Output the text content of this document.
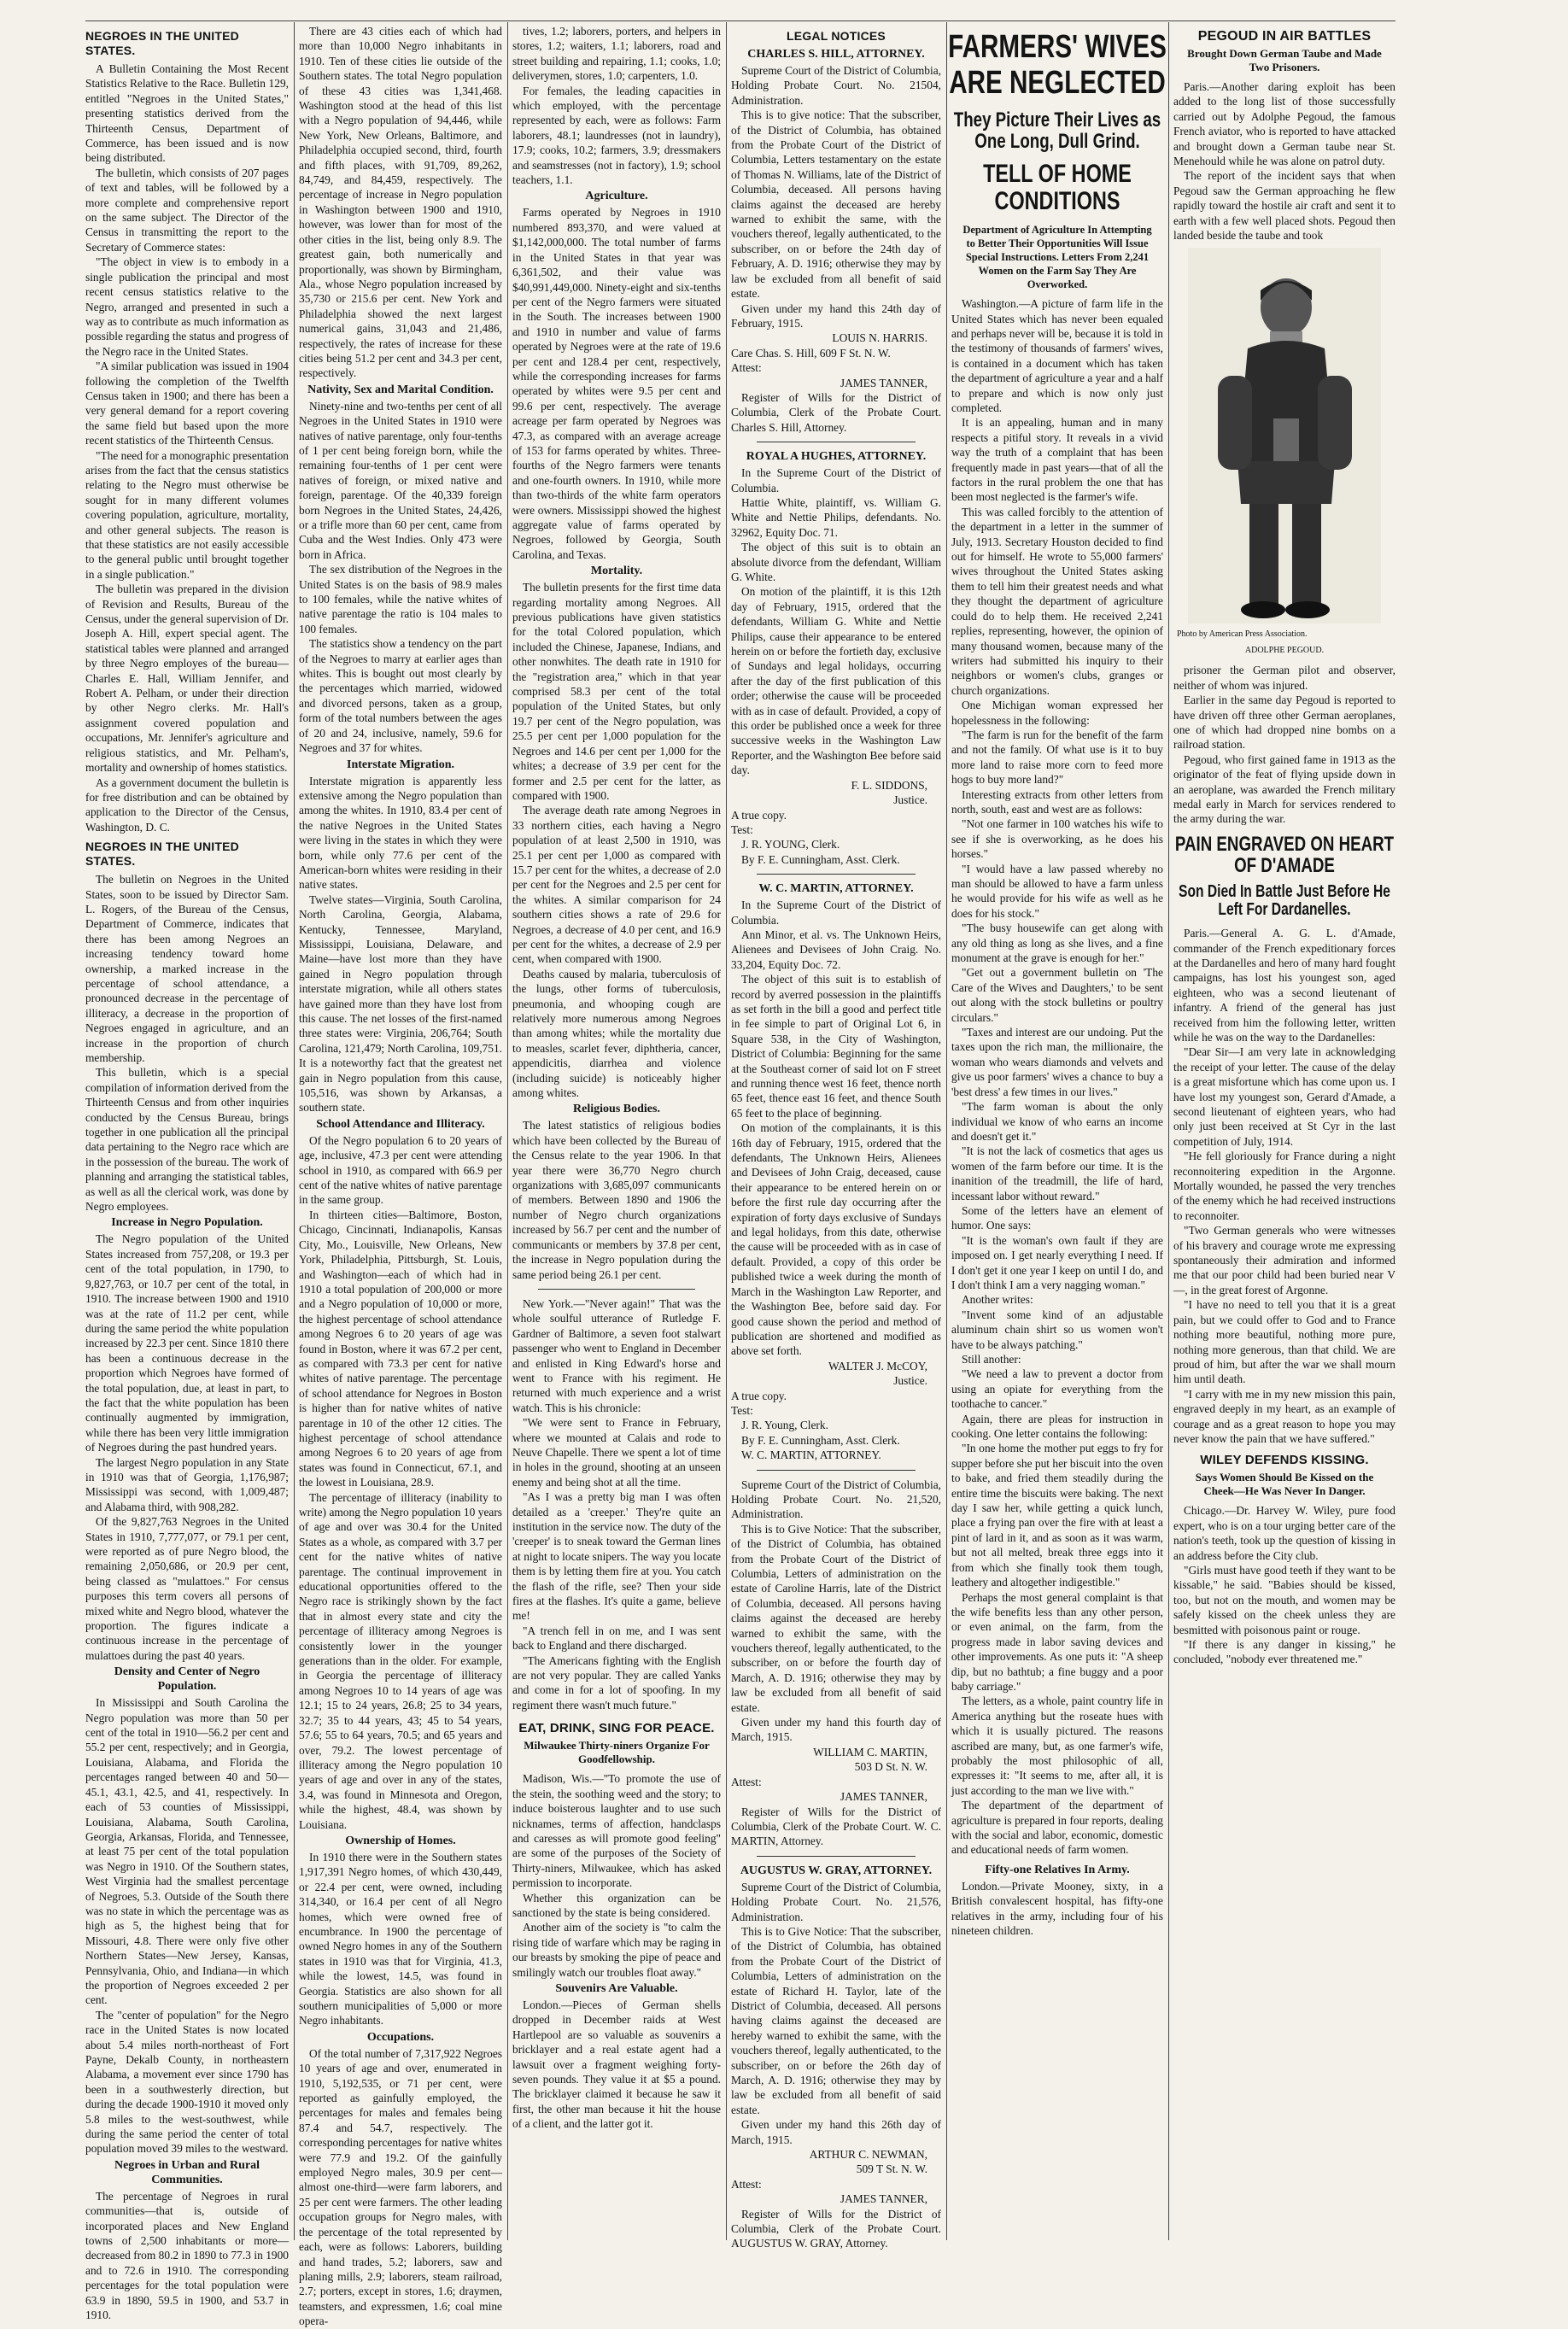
NEGROES IN THE UNITED STATES.

A Bulletin Containing the Most Recent Statistics Relative to the Race. Bulletin 129, entitled "Negroes in the United States," presenting statistics derived from the Thirteenth Census, Department of Commerce, has been issued and is now being distributed.

The bulletin, which consists of 207 pages of text and tables, will be followed by a more complete and comprehensive report on the same subject. The Director of the Census in transmitting the report to the Secretary of Commerce states:

"The object in view is to embody in a single publication the principal and most recent census statistics relative to the Negro, arranged and presented in such a way as to contribute as much information as possible regarding the status and progress of the Negro race in the United States.

"A similar publication was issued in 1904 following the completion of the Twelfth Census taken in 1900; and there has been a very general demand for a report covering the same field but based upon the more recent statistics of the Thirteenth Census.

"The need for a monographic presentation arises from the fact that the census statistics relating to the Negro must otherwise be sought for in many different volumes covering population, agriculture, mortality, and other general subjects. The reason is that these statistics are not easily accessible to the general public until brought together in a single publication."

The bulletin was prepared in the division of Revision and Results, Bureau of the Census, under the general supervision of Dr. Joseph A. Hill, expert special agent. The statistical tables were planned and arranged by three Negro employes of the bureau—Charles E. Hall, William Jennifer, and Robert A. Pelham, or under their direction by other Negro clerks. Mr. Hall's assignment covered population and occupations, Mr. Jennifer's agriculture and religious statistics, and Mr. Pelham's, mortality and ownership of homes statistics.

As a government document the bulletin is for free distribution and can be obtained by application to the Director of the Census, Washington, D. C.

NEGROES IN THE UNITED STATES.

The bulletin on Negroes in the United States, soon to be issued by Director Sam. L. Rogers, of the Bureau of the Census, Department of Commerce, indicates that there has been among Negroes an increasing tendency toward home ownership, a marked increase in the percentage of school attendance, a pronounced decrease in the percentage of illiteracy, a decrease in the proportion of Negroes engaged in agriculture, and an increase in the proportion of church membership.

This bulletin, which is a special compilation of information derived from the Thirteenth Census and from other inquiries conducted by the Census Bureau, brings together in one publication all the principal data pertaining to the Negro race which are in the possession of the bureau. The work of planning and arranging the statistical tables, as well as all the clerical work, was done by Negro employees.

Increase in Negro Population.

The Negro population of the United States increased from 757,208, or 19.3 per cent of the total population, in 1790, to 9,827,763, or 10.7 per cent of the total, in 1910. The increase between 1900 and 1910 was at the rate of 11.2 per cent, while during the same period the white population increased by 22.3 per cent. Since 1810 there has been a continuous decrease in the proportion which Negroes have formed of the total population, due, at least in part, to the fact that the white population has been continually augmented by immigration, while there has been very little immigration of Negroes during the past hundred years.

The largest Negro population in any State in 1910 was that of Georgia, 1,176,987; Mississippi was second, with 1,009,487; and Alabama third, with 908,282.

Of the 9,827,763 Negroes in the United States in 1910, 7,777,077, or 79.1 per cent, were reported as of pure Negro blood, the remaining 2,050,686, or 20.9 per cent, being classed as "mulattoes." For census purposes this term covers all persons of mixed white and Negro blood, whatever the proportion. The figures indicate a continuous increase in the percentage of mulattoes during the past 40 years.

Density and Center of Negro Population.

In Mississippi and South Carolina the Negro population was more than 50 per cent of the total in 1910—56.2 per cent and 55.2 per cent, respectively; and in Georgia, Louisiana, Alabama, and Florida the percentages ranged between 40 and 50—45.1, 43.1, 42.5, and 41, respectively. In each of 53 counties of Mississippi, Louisiana, Alabama, South Carolina, Georgia, Arkansas, Florida, and Tennessee, at least 75 per cent of the total population was Negro in 1910. Of the Southern states, West Virginia had the smallest percentage of Negroes, 5.3. Outside of the South there was no state in which the percentage was as high as 5, the highest being that for Missouri, 4.8. There were only five other Northern States—New Jersey, Kansas, Pennsylvania, Ohio, and Indiana—in which the proportion of Negroes exceeded 2 per cent.

The "center of population" for the Negro race in the United States is now located about 5.4 miles north-northeast of Fort Payne, Dekalb County, in northeastern Alabama, a movement ever since 1790 has been in a southwesterly direction, but during the decade 1900-1910 it moved only 5.8 miles to the west-southwest, while during the same period the center of total population moved 39 miles to the westward.

Negroes in Urban and Rural Communities.

The percentage of Negroes in rural communities—that is, outside of incorporated places and New England towns of 2,500 inhabitants or more—decreased from 80.2 in 1890 to 77.3 in 1900 and to 72.6 in 1910. The corresponding percentages for the total population were 63.9 in 1890, 59.5 in 1900, and 53.7 in 1910.

There are 43 cities each of which had more than 10,000 Negro inhabitants in 1910. Ten of these cities lie outside of the Southern states. The total Negro population of these 43 cities was 1,341,468. Washington stood at the head of this list with a Negro population of 94,446, while New York, New Orleans, Baltimore, and Philadelphia occupied second, third, fourth and fifth places, with 91,709, 89,262, 84,749, and 84,459, respectively. The percentage of increase in Negro population in Washington between 1900 and 1910, however, was lower than for most of the other cities in the list, being only 8.9. The greatest gain, both numerically and proportionally, was shown by Birmingham, Ala., whose Negro population increased by 35,730 or 215.6 per cent. New York and Philadelphia showed the next largest numerical gains, 31,043 and 21,486, respectively, the rates of increase for these cities being 51.2 per cent and 34.3 per cent, respectively.

Nativity, Sex and Marital Condition.

Ninety-nine and two-tenths per cent of all Negroes in the United States in 1910 were natives of native parentage, only four-tenths of 1 per cent being foreign born, while the remaining four-tenths of 1 per cent were natives of foreign, or mixed native and foreign, parentage. Of the 40,339 foreign born Negroes in the United States, 24,426, or a trifle more than 60 per cent, came from Cuba and the West Indies. Only 473 were born in Africa.

The sex distribution of the Negroes in the United States is on the basis of 98.9 males to 100 females, while the native whites of native parentage the ratio is 104 males to 100 females.

The statistics show a tendency on the part of the Negroes to marry at earlier ages than whites. This is bought out most clearly by the percentages which married, widowed and divorced persons, taken as a group, form of the total numbers between the ages of 20 and 24, inclusive, namely, 59.6 for Negroes and 37 for whites.

Interstate Migration.

Interstate migration is apparently less extensive among the Negro population than among the whites. In 1910, 83.4 per cent of the native Negroes in the United States were living in the states in which they were born, while only 77.6 per cent of the American-born whites were residing in their native states.

Twelve states—Virginia, South Carolina, North Carolina, Georgia, Alabama, Kentucky, Tennessee, Maryland, Mississippi, Louisiana, Delaware, and Maine—have lost more than they have gained in Negro population through interstate migration, while all others states have gained more than they have lost from this cause. The net losses of the first-named three states were: Virginia, 206,764; South Carolina, 121,479; North Carolina, 109,751. It is a noteworthy fact that the greatest net gain in Negro population from this cause, 105,516, was shown by Arkansas, a southern state.

School Attendance and Illiteracy.

Of the Negro population 6 to 20 years of age, inclusive, 47.3 per cent were attending school in 1910, as compared with 66.9 per cent of the native whites of native parentage in the same group.

In thirteen cities—Baltimore, Boston, Chicago, Cincinnati, Indianapolis, Kansas City, Mo., Louisville, New Orleans, New York, Philadelphia, Pittsburgh, St. Louis, and Washington—each of which had in 1910 a total population of 200,000 or more and a Negro population of 10,000 or more, the highest percentage of school attendance among Negroes 6 to 20 years of age was found in Boston, where it was 67.2 per cent, as compared with 73.3 per cent for native whites of native parentage. The percentage of school attendance for Negroes in Boston is higher than for native whites of native parentage in 10 of the other 12 cities. The highest percentage of school attendance among Negroes 6 to 20 years of age from states was found in Connecticut, 67.1, and the lowest in Louisiana, 28.9.

The percentage of illiteracy (inability to write) among the Negro population 10 years of age and over was 30.4 for the United States as a whole, as compared with 3.7 per cent for the native whites of native parentage. The continual improvement in educational opportunities offered to the Negro race is strikingly shown by the fact that in almost every state and city the percentage of illiteracy among Negroes is consistently lower in the younger generations than in the older. For example, in Georgia the percentage of illiteracy among Negroes 10 to 14 years of age was 12.1; 15 to 24 years, 26.8; 25 to 34 years, 32.7; 35 to 44 years, 43; 45 to 54 years, 57.6; 55 to 64 years, 70.5; and 65 years and over, 79.2. The lowest percentage of illiteracy among the Negro population 10 years of age and over in any of the states, 3.4, was found in Minnesota and Oregon, while the highest, 48.4, was shown by Louisiana.

Ownership of Homes.

In 1910 there were in the Southern states 1,917,391 Negro homes, of which 430,449, or 22.4 per cent, were owned, including 314,340, or 16.4 per cent of all Negro homes, which were owned free of encumbrance. In 1900 the percentage of owned Negro homes in any of the Southern states in 1910 was that for Virginia, 41.3, while the lowest, 14.5, was found in Georgia. Statistics are also shown for all southern municipalities of 5,000 or more Negro inhabitants.

Occupations.

Of the total number of 7,317,922 Negroes 10 years of age and over, enumerated in 1910, 5,192,535, or 71 per cent, were reported as gainfully employed, the percentages for males and females being 87.4 and 54.7, respectively. The corresponding percentages for native whites were 77.9 and 19.2. Of the gainfully employed Negro males, 30.9 per cent—almost one-third—were farm laborers, and 25 per cent were farmers. The other leading occupation groups for Negro males, with the percentage of the total represented by each, were as follows: Laborers, building and hand trades, 5.2; laborers, saw and planing mills, 2.9; laborers, steam railroad, 2.7; porters, except in stores, 1.6; draymen, teamsters, and expressmen, 1.6; coal mine opera-

tives, 1.2; laborers, porters, and helpers in stores, 1.2; waiters, 1.1; laborers, road and street building and repairing, 1.1; cooks, 1.0; deliverymen, stores, 1.0; carpenters, 1.0.

For females, the leading capacities in which employed, with the percentage represented by each, were as follows: Farm laborers, 48.1; laundresses (not in laundry), 17.9; cooks, 10.2; farmers, 3.9; dressmakers and seamstresses (not in factory), 1.9; school teachers, 1.1.

Agriculture.

Farms operated by Negroes in 1910 numbered 893,370, and were valued at $1,142,000,000. The total number of farms in the United States in that year was 6,361,502, and their value was $40,991,449,000. Ninety-eight and six-tenths per cent of the Negro farmers were situated in the South. The increases between 1900 and 1910 in number and value of farms operated by Negroes were at the rate of 19.6 per cent and 128.4 per cent, respectively, while the corresponding increases for farms operated by whites were 9.5 per cent and 99.6 per cent, respectively. The average acreage per farm operated by Negroes was 47.3, as compared with an average acreage of 153 for farms operated by whites. Three-fourths of the Negro farmers were tenants and one-fourth owners. In 1910, while more than two-thirds of the white farm operators were owners. Mississippi showed the highest aggregate value of farms operated by Negroes, followed by Georgia, South Carolina, and Texas.

Mortality.

The bulletin presents for the first time data regarding mortality among Negroes. All previous publications have given statistics for the total Colored population, which included the Chinese, Japanese, Indians, and other nonwhites. The death rate in 1910 for the "registration area," which in that year comprised 58.3 per cent of the total population of the United States, but only 19.7 per cent of the Negro population, was 25.5 per cent per 1,000 population for the Negroes and 14.6 per cent per 1,000 for the whites; a decrease of 3.9 per cent for the former and 2.5 per cent for the latter, as compared with 1900.

The average death rate among Negroes in 33 northern cities, each having a Negro population of at least 2,500 in 1910, was 25.1 per cent per 1,000 as compared with 15.7 per cent for the whites, a decrease of 2.0 per cent for the Negroes and 2.5 per cent for the whites. A similar comparison for 24 southern cities shows a rate of 29.6 for Negroes, a decrease of 4.0 per cent, and 16.9 per cent for the whites, a decrease of 2.9 per cent, when compared with 1900.

Deaths caused by malaria, tuberculosis of the lungs, other forms of tuberculosis, pneumonia, and whooping cough are relatively more numerous among Negroes than among whites; while the mortality due to measles, scarlet fever, diphtheria, cancer, appendicitis, diarrhea and violence (including suicide) is noticeably higher among whites.

Religious Bodies.

The latest statistics of religious bodies which have been collected by the Bureau of the Census relate to the year 1906. In that year there were 36,770 Negro church organizations with 3,685,097 communicants of members. Between 1890 and 1906 the number of Negro church organizations increased by 56.7 per cent and the number of communicants or members by 37.8 per cent, the increase in Negro population during the same period being 26.1 per cent.

New York.—"Never again!" That was the whole soulful utterance of Rutledge F. Gardner of Baltimore, a seven foot stalwart passenger who went to England in December and enlisted in King Edward's horse and went to France with his regiment. He returned with much experience and a wrist watch. This is his chronicle:

"We were sent to France in February, where we mounted at Calais and rode to Neuve Chapelle. There we spent a lot of time in holes in the ground, shooting at an unseen enemy and being shot at all the time.

"As I was a pretty big man I was often detailed as a 'creeper.' They're quite an institution in the service now. The duty of the 'creeper' is to sneak toward the German lines at night to locate snipers. The way you locate them is by letting them fire at you. You catch the flash of the rifle, see? Then your side fires at the flashes. It's quite a game, believe me!

"A trench fell in on me, and I was sent back to England and there discharged.

"The Americans fighting with the English are not very popular. They are called Yanks and come in for a lot of spoofing. In my regiment there wasn't much future."

EAT, DRINK, SING FOR PEACE.
Milwaukee Thirty-niners Organize For Goodfellowship.

Madison, Wis.—"To promote the use of the stein, the soothing weed and the story; to induce boisterous laughter and to use such nicknames, terms of affection, handclasps and caresses as will promote good feeling" are some of the purposes of the Society of Thirty-niners, Milwaukee, which has asked permission to incorporate.

Whether this organization can be sanctioned by the state is being considered.

Another aim of the society is "to calm the rising tide of warfare which may be raging in our breasts by smoking the pipe of peace and smilingly watch our troubles float away."

Souvenirs Are Valuable.

London.—Pieces of German shells dropped in December raids at West Hartlepool are so valuable as souvenirs a bricklayer and a real estate agent had a lawsuit over a fragment weighing forty-seven pounds. They value it at $5 a pound. The bricklayer claimed it because he saw it first, the other man because it hit the house of a client, and the latter got it.

LEGAL NOTICES
CHARLES S. HILL, ATTORNEY.

Supreme Court of the District of Columbia, Holding Probate Court. No. 21504, Administration.

This is to give notice: That the subscriber, of the District of Columbia, has obtained from the Probate Court of the District of Columbia, Letters testamentary on the estate of Thomas N. Williams, late of the District of Columbia, deceased. All persons having claims against the deceased are hereby warned to exhibit the same, with the vouchers thereof, legally authenticated, to the subscriber, on or before the 24th day of February, A. D. 1916; otherwise they may by law be excluded from all benefit of said estate.

Given under my hand this 24th day of February, 1915.

LOUIS N. HARRIS.

Care Chas. S. Hill, 609 F St. N. W.

Attest:

JAMES TANNER,

Register of Wills for the District of Columbia, Clerk of the Probate Court. Charles S. Hill, Attorney.

ROYAL A HUGHES, ATTORNEY.

In the Supreme Court of the District of Columbia.

Hattie White, plaintiff, vs. William G. White and Nettie Philips, defendants. No. 32962, Equity Doc. 71.

The object of this suit is to obtain an absolute divorce from the defendant, William G. White.

On motion of the plaintiff, it is this 12th day of February, 1915, ordered that the defendants, William G. White and Nettie Philips, cause their appearance to be entered herein on or before the fortieth day, exclusive of Sundays and legal holidays, occurring after the day of the first publication of this order; otherwise the cause will be proceeded with as in case of default. Provided, a copy of this order be published once a week for three successive weeks in the Washington Law Reporter, and the Washington Bee before said day.

F. L. SIDDONS,

Justice.

A true copy.

Test:

J. R. YOUNG, Clerk.

By F. E. Cunningham, Asst. Clerk.

W. C. MARTIN, ATTORNEY.

In the Supreme Court of the District of Columbia.

Ann Minor, et al. vs. The Unknown Heirs, Alienees and Devisees of John Craig. No. 33,204, Equity Doc. 72.

The object of this suit is to establish of record by averred possession in the plaintiffs as set forth in the bill a good and perfect title in fee simple to part of Original Lot 6, in Square 538, in the City of Washington, District of Columbia: Beginning for the same at the Southeast corner of said lot on F street and running thence west 16 feet, thence north 65 feet, thence east 16 feet, and thence South 65 feet to the place of beginning.

On motion of the complainants, it is this 16th day of February, 1915, ordered that the defendants, The Unknown Heirs, Alienees and Devisees of John Craig, deceased, cause their appearance to be entered herein on or before the first rule day occurring after the expiration of forty days exclusive of Sundays and legal holidays, from this date, otherwise the cause will be proceeded with as in case of default. Provided, a copy of this order be published twice a week during the month of March in the Washington Law Reporter, and the Washington Bee, before said day. For good cause shown the period and method of publication are shortened and modified as above set forth.

WALTER J. McCOY,

Justice.

A true copy.

Test:

J. R. Young, Clerk.

By F. E. Cunningham, Asst. Clerk.

W. C. MARTIN, ATTORNEY.

Supreme Court of the District of Columbia, Holding Probate Court. No. 21,520, Administration.

This is to Give Notice: That the subscriber, of the District of Columbia, has obtained from the Probate Court of the District of Columbia, Letters of administration on the estate of Caroline Harris, late of the District of Columbia, deceased. All persons having claims against the deceased are hereby warned to exhibit the same, with the vouchers thereof, legally authenticated, to the subscriber, on or before the fourth day of March, A. D. 1916; otherwise they may by law be excluded from all benefit of said estate.

Given under my hand this fourth day of March, 1915.

WILLIAM C. MARTIN,

503 D St. N. W.

Attest:

JAMES TANNER,

Register of Wills for the District of Columbia, Clerk of the Probate Court. W. C. MARTIN, Attorney.

AUGUSTUS W. GRAY, ATTORNEY.

Supreme Court of the District of Columbia, Holding Probate Court. No. 21,576, Administration.

This is to Give Notice: That the subscriber, of the District of Columbia, has obtained from the Probate Court of the District of Columbia, Letters of administration on the estate of Richard H. Taylor, late of the District of Columbia, deceased. All persons having claims against the deceased are hereby warned to exhibit the same, with the vouchers thereof, legally authenticated, to the subscriber, on or before the 26th day of March, A. D. 1916; otherwise they may by law be excluded from all benefit of said estate.

Given under my hand this 26th day of March, 1915.

ARTHUR C. NEWMAN,

509 T St. N. W.

Attest:

JAMES TANNER,

Register of Wills for the District of Columbia, Clerk of the Probate Court. AUGUSTUS W. GRAY, Attorney.

FARMERS' WIVES
ARE NEGLECTED
They Picture Their Lives as One Long, Dull Grind.
TELL OF HOME CONDITIONS
Department of Agriculture In Attempting to Better Their Opportunities Will Issue Special Instructions. Letters From 2,241 Women on the Farm Say They Are Overworked.

Washington.—A picture of farm life in the United States which has never been equaled and perhaps never will be, because it is told in the testimony of thousands of farmers' wives, is contained in a document which has taken the department of agriculture a year and a half to prepare and which is now only just completed.

It is an appealing, human and in many respects a pitiful story. It reveals in a vivid way the truth of a complaint that has been frequently made in past years—that of all the factors in the rural problem the one that has been most neglected is the farmer's wife.

This was called forcibly to the attention of the department in a letter in the summer of July, 1913. Secretary Houston decided to find out for himself. He wrote to 55,000 farmers' wives throughout the United States asking them to tell him their greatest needs and what they thought the department of agriculture could do to help them. He received 2,241 replies, representing, however, the opinion of many thousand women, because many of the writers had submitted his inquiry to their neighbors or women's clubs, granges or church organizations.

One Michigan woman expressed her hopelessness in the following:

"The farm is run for the benefit of the farm and not the family. Of what use is it to buy more land to raise more corn to feed more hogs to buy more land?"

Interesting extracts from other letters from north, south, east and west are as follows:

"Not one farmer in 100 watches his wife to see if she is overworking, as he does his horses."

"I would have a law passed whereby no man should be allowed to have a farm unless he would provide for his wife as well as he does for his stock."

"The busy housewife can get along with any old thing as long as she lives, and a fine monument at the grave is enough for her."

"Get out a government bulletin on 'The Care of the Wives and Daughters,' to be sent out along with the stock bulletins or poultry circulars."

"Taxes and interest are our undoing. Put the taxes upon the rich man, the millionaire, the woman who wears diamonds and velvets and give us poor farmers' wives a chance to buy a 'best dress' a few times in our lives."

"The farm woman is about the only individual we know of who earns an income and doesn't get it."

"It is not the lack of cosmetics that ages us women of the farm before our time. It is the inanition of the treadmill, the life of hard, incessant labor without reward."

Some of the letters have an element of humor. One says:

"It is the woman's own fault if they are imposed on. I get nearly everything I need. If I don't get it one year I keep on until I do, and I don't think I am a very nagging woman."

Another writes:

"Invent some kind of an adjustable aluminum chain shirt so us women won't have to be always patching."

Still another:

"We need a law to prevent a doctor from using an opiate for everything from the toothache to cancer."

Again, there are pleas for instruction in cooking. One letter contains the following:

"In one home the mother put eggs to fry for supper before she put her biscuit into the oven to bake, and fried them steadily during the entire time the biscuits were baking. The next day I saw her, while getting a quick lunch, place a frying pan over the fire with at least a pint of lard in it, and as soon as it was warm, but not all melted, break three eggs into it from which she finally took them tough, leathery and altogether indigestible."

Perhaps the most general complaint is that the wife benefits less than any other person, or even animal, on the farm, from the progress made in labor saving devices and other improvements. As one puts it: "A sheep dip, but no bathtub; a fine buggy and a poor baby carriage."

The letters, as a whole, paint country life in America anything but the roseate hues with which it is usually pictured. The reasons ascribed are many, but, as one farmer's wife, probably the most philosophic of all, expresses it: "It seems to me, after all, it is just according to the man we live with."

The department of the department of agriculture is prepared in four reports, dealing with the social and labor, economic, domestic and educational needs of farm women.

Fifty-one Relatives In Army.

London.—Private Mooney, sixty, in a British convalescent hospital, has fifty-one relatives in the army, including four of his nineteen children.

PEGOUD IN AIR BATTLES
Brought Down German Taube and Made Two Prisoners.

Paris.—Another daring exploit has been added to the long list of those successfully carried out by Adolphe Pegoud, the famous French aviator, who is reported to have attacked and brought down a German taube near St. Menehould while he was alone on patrol duty.

The report of the incident says that when Pegoud saw the German approaching he flew rapidly toward the hostile air craft and sent it to earth with a few well placed shots. Pegoud then landed beside the taube and took

Photo by American Press Association.
ADOLPHE PEGOUD.

prisoner the German pilot and observer, neither of whom was injured.

Earlier in the same day Pegoud is reported to have driven off three other German aeroplanes, one of which had dropped nine bombs on a railroad station.

Pegoud, who first gained fame in 1913 as the originator of the feat of flying upside down in an aeroplane, was awarded the French military medal early in March for services rendered to the army during the war.

PAIN ENGRAVED ON HEART OF D'AMADE
Son Died In Battle Just Before He Left For Dardanelles.

Paris.—General A. G. L. d'Amade, commander of the French expeditionary forces at the Dardanelles and hero of many hard fought campaigns, has lost his youngest son, aged eighteen, who was a second lieutenant of infantry. A friend of the general has just received from him the following letter, written while he was on the way to the Dardanelles:

"Dear Sir—I am very late in acknowledging the receipt of your letter. The cause of the delay is a great misfortune which has come upon us. I have lost my youngest son, Gerard d'Amade, a second lieutenant of eighteen years, who had only just been received at St Cyr in the last competition of July, 1914.

"He fell gloriously for France during a night reconnoitering expedition in the Argonne. Mortally wounded, he passed the very trenches of the enemy which he had received instructions to reconnoiter.

"Two German generals who were witnesses of his bravery and courage wrote me expressing spontaneously their admiration and informed me that our poor child had been buried near V—, in the great forest of Argonne.

"I have no need to tell you that it is a great pain, but we could offer to God and to France nothing more beautiful, nothing more pure, nothing more generous, than that child. We are proud of him, but after the war we shall mourn him until death.

"I carry with me in my new mission this pain, engraved deeply in my heart, as an example of courage and as a great reason to hope you may never know the pain that we have suffered."

WILEY DEFENDS KISSING.
Says Women Should Be Kissed on the Cheek—He Was Never In Danger.

Chicago.—Dr. Harvey W. Wiley, pure food expert, who is on a tour urging better care of the nation's teeth, took up the question of kissing in an address before the City club.

"Girls must have good teeth if they want to be kissable," he said. "Babies should be kissed, too, but not on the mouth, and women may be safely kissed on the cheek unless they are besmitted with poisonous paint or rouge.

"If there is any danger in kissing," he concluded, "nobody ever threatened me."
